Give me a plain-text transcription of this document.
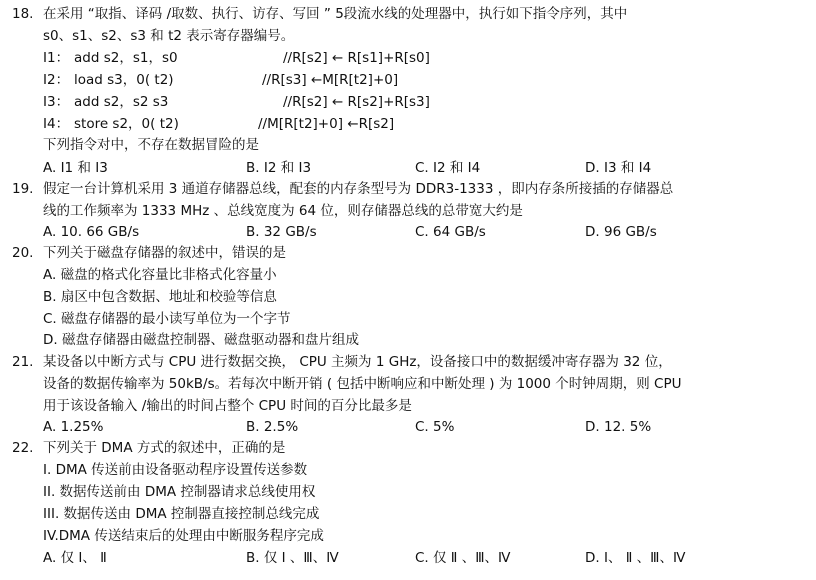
18. 在采用 “取指、译码 /取数、执行、访存、写回 ” 5段流水线的处理器中，执行如下指令序列，其中
s0、s1、s2、s3 和 t2 表示寄存器编号。
I1： add s2，s1，s0	//R[s2] ← R[s1]+R[s0]
I2： load s3，0( t2)	//R[s3] ←M[R[t2]+0]
I3： add s2，s2 s3	//R[s2] ← R[s2]+R[s3]
I4： store s2，0( t2)	//M[R[t2]+0] ←R[s2]
下列指令对中，不存在数据冒险的是
A. I1 和 I3	B. I2 和 I3	C. I2 和 I4	D. I3 和 I4
19. 假定一台计算机采用 3 通道存储器总线，配套的内存条型号为 DDR3-1333 ，即内存条所接插的存储器总
线的工作频率为 1333 MHz 、总线宽度为 64 位，则存储器总线的总带宽大约是
A. 10. 66 GB/s	B. 32 GB/s	C. 64 GB/s	D. 96 GB/s
20. 下列关于磁盘存储器的叙述中，错误的是
A. 磁盘的格式化容量比非格式化容量小
B. 扇区中包含数据、地址和校验等信息
C. 磁盘存储器的最小读写单位为一个字节
D. 磁盘存储器由磁盘控制器、磁盘驱动器和盘片组成
21. 某设备以中断方式与 CPU 进行数据交换， CPU 主频为 1 GHz，设备接口中的数据缓冲寄存器为 32 位，
设备的数据传输率为 50kB/s。若每次中断开销 ( 包括中断响应和中断处理 ) 为 1000 个时钟周期，则 CPU
用于该设备输入 /输出的时间占整个 CPU 时间的百分比最多是
A. 1.25%	B. 2.5%	C. 5%	D. 12. 5%
22. 下列关于 DMA 方式的叙述中，正确的是
I. DMA 传送前由设备驱动程序设置传送参数
II. 数据传送前由 DMA 控制器请求总线使用权
III. 数据传送由 DMA 控制器直接控制总线完成
IV.DMA 传送结束后的处理由中断服务程序完成
A. 仅 I、 Ⅱ	B. 仅 Ⅰ 、Ⅲ、Ⅳ	C. 仅 Ⅱ 、Ⅲ、Ⅳ	D. Ⅰ、 Ⅱ 、Ⅲ、Ⅳ
